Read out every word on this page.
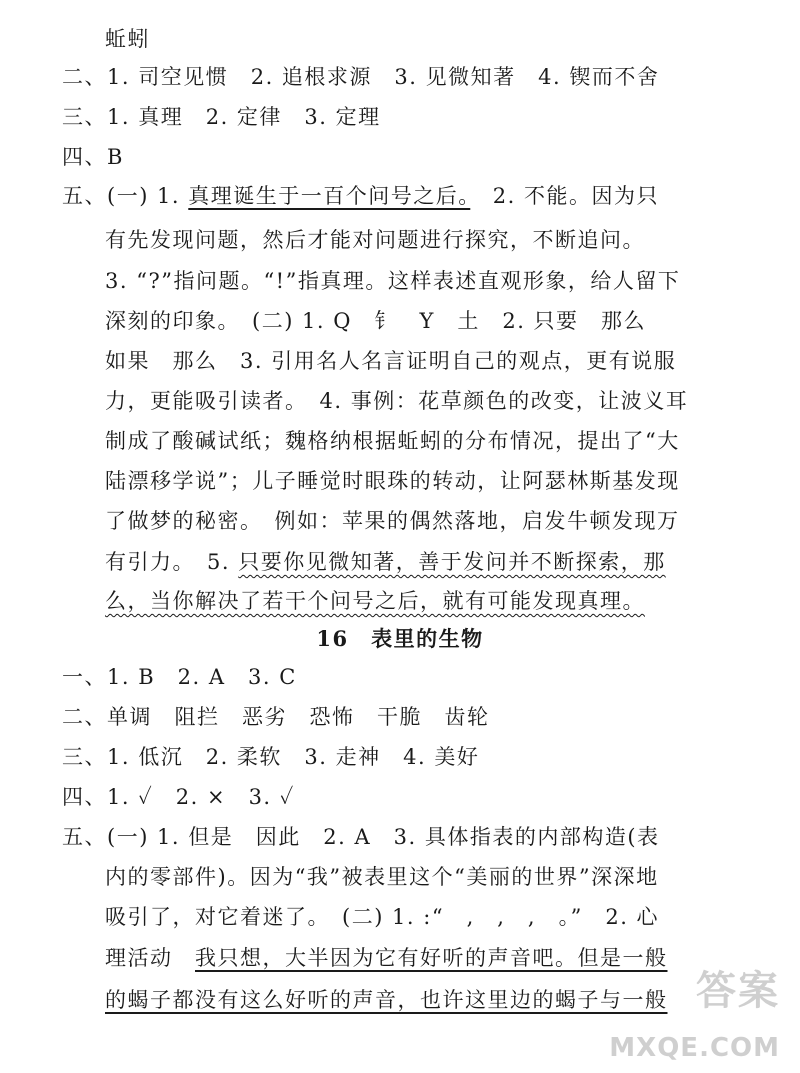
蚯蚓
二、1. 司空见惯　2. 追根求源　3. 见微知著　4. 锲而不舍
三、1. 真理　2. 定律　3. 定理
四、B
五、(一) 1. 真理诞生于一百个问号之后。　2. 不能。因为只
有先发现问题，然后才能对问题进行探究，不断追问。
3. “?”指问题。“!”指真理。这样表述直观形象，给人留下
深刻的印象。　(二) 1. Q　钅　Y　土　2. 只要　那么
如果　那么　3. 引用名人名言证明自己的观点，更有说服
力，更能吸引读者。　4. 事例：花草颜色的改变，让波义耳
制成了酸碱试纸；魏格纳根据蚯蚓的分布情况，提出了“大
陆漂移学说”；儿子睡觉时眼珠的转动，让阿瑟林斯基发现
了做梦的秘密。　例如：苹果的偶然落地，启发牛顿发现万
有引力。　5. 只要你见微知著，善于发问并不断探索，那
么，当你解决了若干个问号之后，就有可能发现真理。
16　表里的生物
一、1. B　2. A　3. C
二、单调　阻拦　恶劣　恐怖　干脆　齿轮
三、1. 低沉　2. 柔软　3. 走神　4. 美好
四、1. ✓　2. ×　3. ✓
五、(一) 1. 但是　因此　2. A　3. 具体指表的内部构造(表
内的零部件)。因为“我”被表里这个“美丽的世界”深深地
吸引了，对它着迷了。　(二) 1. :“　,　,　,　。”　2. 心
理活动　我只想，大半因为它有好听的声音吧。但是一般
的蝎子都没有这么好听的声音，也许这里边的蝎子与一般 答案
MXQE.COM
